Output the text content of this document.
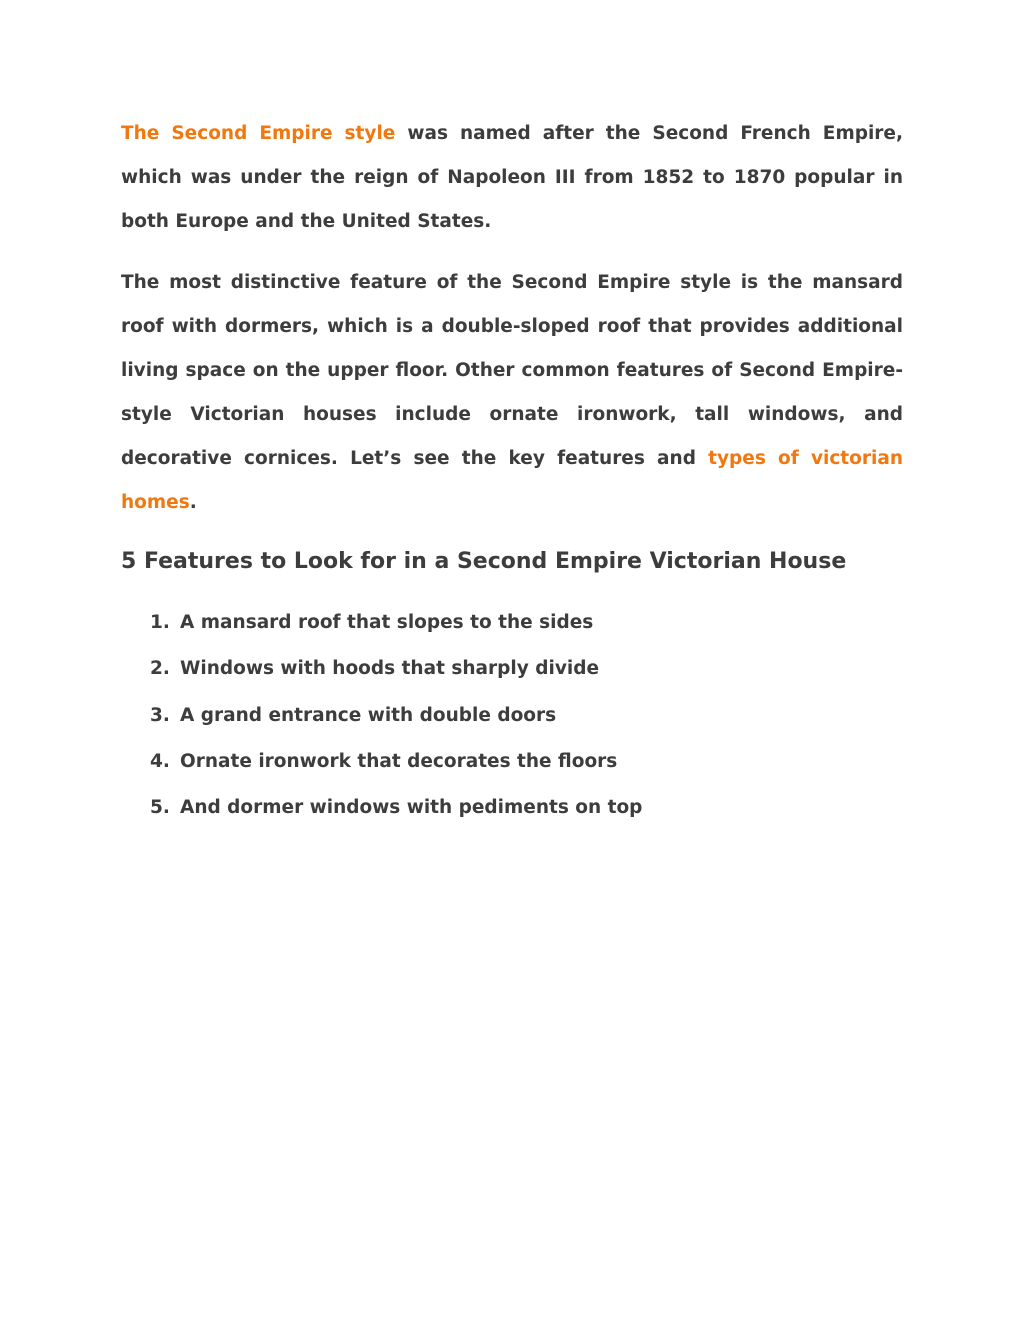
The Second Empire style was named after the Second French Empire, which was under the reign of Napoleon III from 1852 to 1870 popular in both Europe and the United States.

The most distinctive feature of the Second Empire style is the mansard roof with dormers, which is a double-sloped roof that provides additional living space on the upper floor. Other common features of Second Empire-style Victorian houses include ornate ironwork, tall windows, and decorative cornices. Let’s see the key features and types of victorian homes.

5 Features to Look for in a Second Empire Victorian House
1. A mansard roof that slopes to the sides
2. Windows with hoods that sharply divide
3. A grand entrance with double doors
4. Ornate ironwork that decorates the floors
5. And dormer windows with pediments on top
